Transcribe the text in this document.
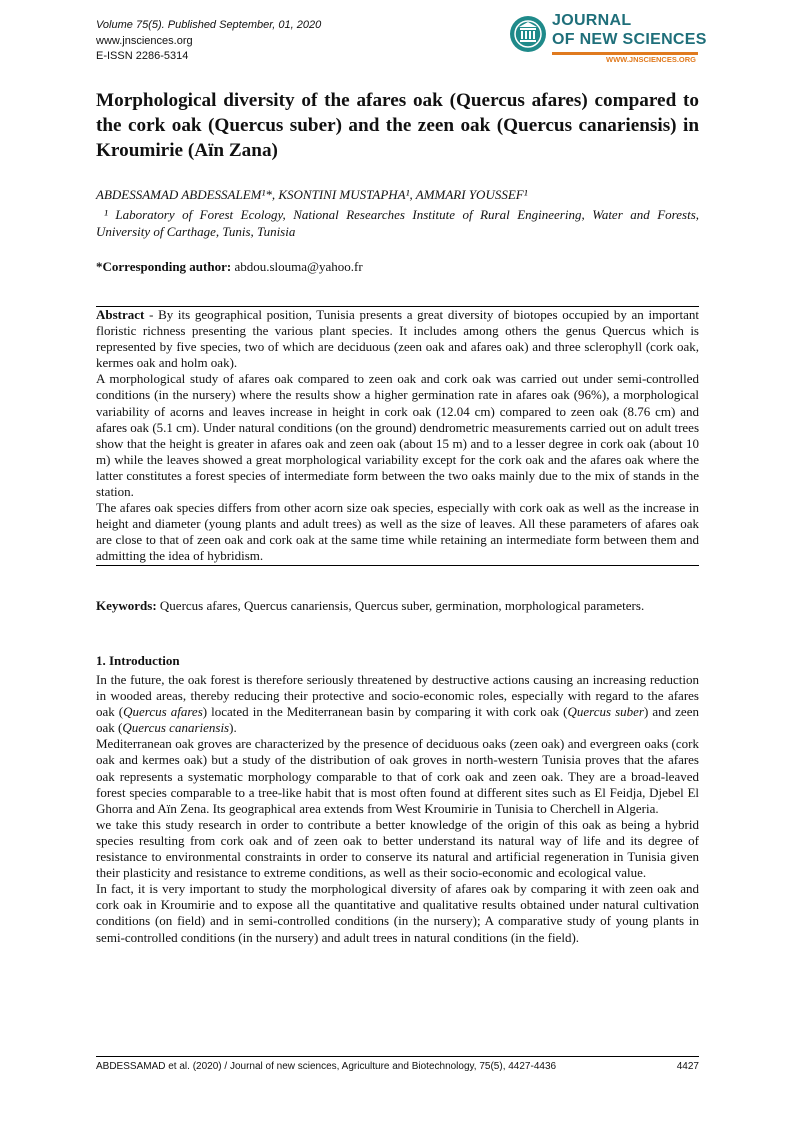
Volume 75(5). Published September, 01, 2020
www.jnsciences.org
E-ISSN 2286-5314
JOURNAL
OF NEW SCIENCES
WWW.JNSCIENCES.ORG
Morphological diversity of the afares oak (Quercus afares) compared to the cork oak (Quercus suber) and the zeen oak (Quercus canariensis) in Kroumirie (Aïn Zana)
ABDESSAMAD ABDESSALEM¹*, KSONTINI MUSTAPHA¹, AMMARI YOUSSEF¹
¹ Laboratory of Forest Ecology, National Researches Institute of Rural Engineering, Water and Forests, University of Carthage, Tunis, Tunisia
*Corresponding author: abdou.slouma@yahoo.fr

Abstract - By its geographical position, Tunisia presents a great diversity of biotopes occupied by an important floristic richness presenting the various plant species. It includes among others the genus Quercus which is represented by five species, two of which are deciduous (zeen oak and afares oak) and three sclerophyll (cork oak, kermes oak and holm oak).

A morphological study of afares oak compared to zeen oak and cork oak was carried out under semi-controlled conditions (in the nursery) where the results show a higher germination rate in afares oak (96%), a morphological variability of acorns and leaves increase in height in cork oak (12.04 cm) compared to zeen oak (8.76 cm) and afares oak (5.1 cm). Under natural conditions (on the ground) dendrometric measurements carried out on adult trees show that the height is greater in afares oak and zeen oak (about 15 m) and to a lesser degree in cork oak (about 10 m) while the leaves showed a great morphological variability except for the cork oak and the afares oak where the latter constitutes a forest species of intermediate form between the two oaks mainly due to the mix of stands in the station.

The afares oak species differs from other acorn size oak species, especially with cork oak as well as the increase in height and diameter (young plants and adult trees) as well as the size of leaves. All these parameters of afares oak are close to that of zeen oak and cork oak at the same time while retaining an intermediate form between them and admitting the idea of hybridism.

Keywords: Quercus afares, Quercus canariensis, Quercus suber, germination, morphological parameters.
1. Introduction

In the future, the oak forest is therefore seriously threatened by destructive actions causing an increasing reduction in wooded areas, thereby reducing their protective and socio-economic roles, especially with regard to the afares oak (Quercus afares) located in the Mediterranean basin by comparing it with cork oak (Quercus suber) and zeen oak (Quercus canariensis).

Mediterranean oak groves are characterized by the presence of deciduous oaks (zeen oak) and evergreen oaks (cork oak and kermes oak) but a study of the distribution of oak groves in north-western Tunisia proves that the afares oak represents a systematic morphology comparable to that of cork oak and zeen oak. They are a broad-leaved forest species comparable to a tree-like habit that is most often found at different sites such as El Feidja, Djebel El Ghorra and Aïn Zena. Its geographical area extends from West Kroumirie in Tunisia to Cherchell in Algeria.

we take this study research in order to contribute a better knowledge of the origin of this oak as being a hybrid species resulting from cork oak and of zeen oak to better understand its natural way of life and its degree of resistance to environmental constraints in order to conserve its natural and artificial regeneration in Tunisia given their plasticity and resistance to extreme conditions, as well as their socio-economic and ecological value.

In fact, it is very important to study the morphological diversity of afares oak by comparing it with zeen oak and cork oak in Kroumirie and to expose all the quantitative and qualitative results obtained under natural cultivation conditions (on field) and in semi-controlled conditions (in the nursery); A comparative study of young plants in semi-controlled conditions (in the nursery) and adult trees in natural conditions (in the field).

ABDESSAMAD et al. (2020) / Journal of new sciences, Agriculture and Biotechnology, 75(5), 4427-4436	4427
